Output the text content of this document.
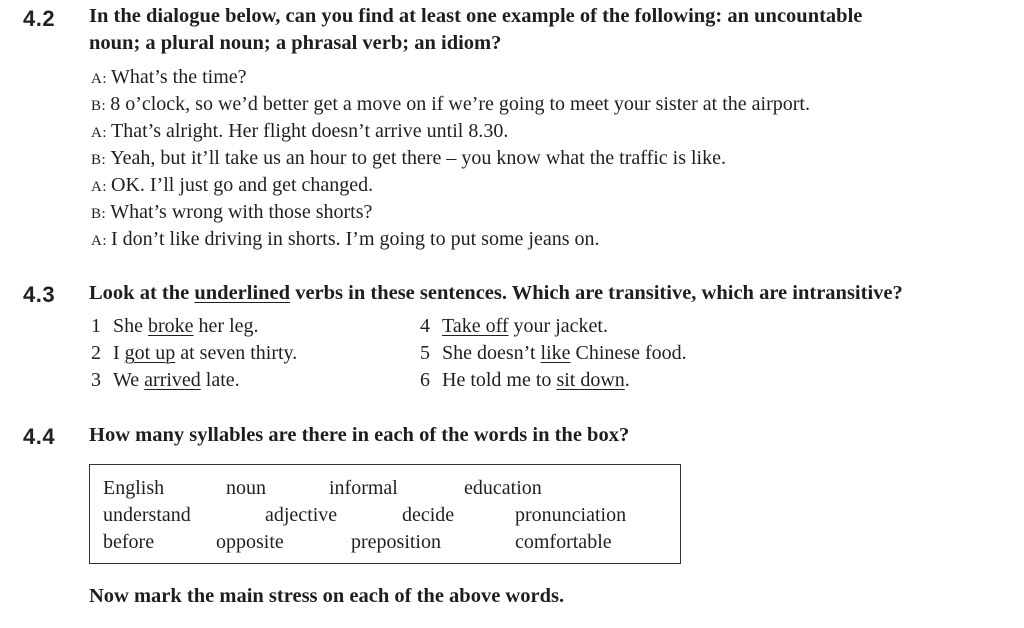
4.2 In the dialogue below, can you find at least one example of the following: an uncountable
noun; a plural noun; a phrasal verb; an idiom?
A: What’s the time?
B: 8 o’clock, so we’d better get a move on if we’re going to meet your sister at the airport.
A: That’s alright. Her flight doesn’t arrive until 8.30.
B: Yeah, but it’ll take us an hour to get there – you know what the traffic is like.
A: OK. I’ll just go and get changed.
B: What’s wrong with those shorts?
A: I don’t like driving in shorts. I’m going to put some jeans on.
4.3 Look at the underlined verbs in these sentences. Which are transitive, which are intransitive?
1 She broke her leg.
2 I got up at seven thirty.
3 We arrived late.
4 Take off your jacket.
5 She doesn’t like Chinese food.
6 He told me to sit down.
4.4 How many syllables are there in each of the words in the box?
English	noun	informal	education
understand	adjective	decide	pronunciation
before	opposite	preposition	comfortable
Now mark the main stress on each of the above words.
